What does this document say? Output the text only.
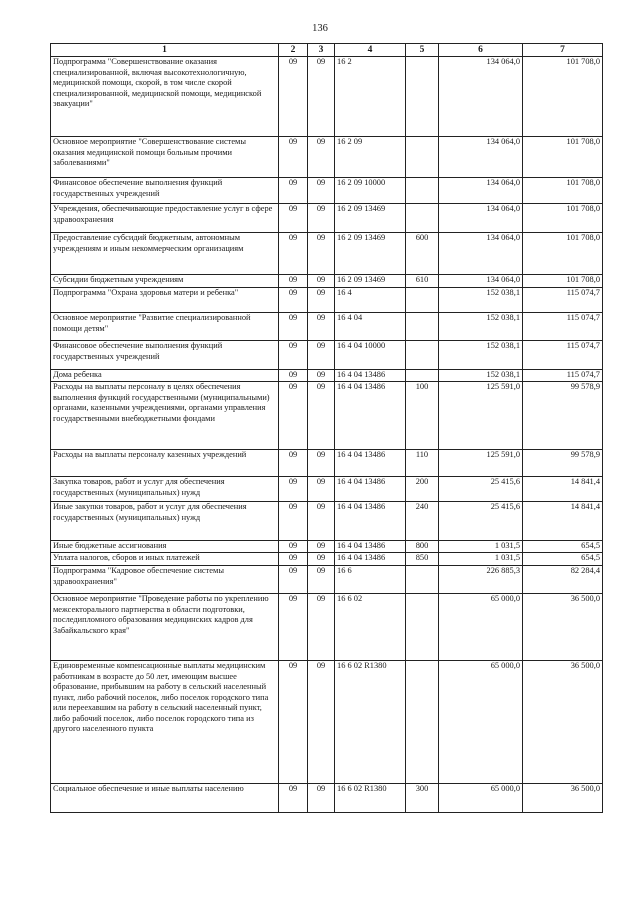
136
1	2	3	4	5	6	7
Подпрограмма "Совершенствование оказания специализированной, включая высокотехнологичную, медицинской помощи, скорой, в том числе скорой специализированной, медицинской помощи, медицинской эвакуации"	09	09	16 2		134 064,0	101 708,0
Основное мероприятие "Совершенствование системы оказания медицинской помощи больным прочими заболеваниями"	09	09	16 2 09		134 064,0	101 708,0
Финансовое обеспечение выполнения функций государственных учреждений	09	09	16 2 09 10000		134 064,0	101 708,0
Учреждения, обеспечивающие предоставление услуг в сфере здравоохранения	09	09	16 2 09 13469		134 064,0	101 708,0
Предоставление субсидий бюджетным, автономным учреждениям и иным некоммерческим организациям	09	09	16 2 09 13469	600	134 064,0	101 708,0
Субсидии бюджетным учреждениям	09	09	16 2 09 13469	610	134 064,0	101 708,0
Подпрограмма "Охрана здоровья матери и ребенка"	09	09	16 4		152 038,1	115 074,7
Основное мероприятие "Развитие специализированной помощи детям"	09	09	16 4 04		152 038,1	115 074,7
Финансовое обеспечение выполнения функций государственных учреждений	09	09	16 4 04 10000		152 038,1	115 074,7
Дома ребенка	09	09	16 4 04 13486		152 038,1	115 074,7
Расходы на выплаты персоналу в целях обеспечения выполнения функций государственными (муниципальными) органами, казенными учреждениями, органами управления государственными внебюджетными фондами	09	09	16 4 04 13486	100	125 591,0	99 578,9
Расходы на выплаты персоналу казенных учреждений	09	09	16 4 04 13486	110	125 591,0	99 578,9
Закупка товаров, работ и услуг для обеспечения государственных (муниципальных) нужд	09	09	16 4 04 13486	200	25 415,6	14 841,4
Иные закупки товаров, работ и услуг для обеспечения государственных (муниципальных) нужд	09	09	16 4 04 13486	240	25 415,6	14 841,4
Иные бюджетные ассигнования	09	09	16 4 04 13486	800	1 031,5	654,5
Уплата налогов, сборов и иных платежей	09	09	16 4 04 13486	850	1 031,5	654,5
Подпрограмма "Кадровое обеспечение системы здравоохранения"	09	09	16 6		226 885,3	82 284,4
Основное мероприятие "Проведение работы по укреплению межсекторального партнерства в области подготовки, последипломного образования медицинских кадров для Забайкальского края"	09	09	16 6 02		65 000,0	36 500,0
Единовременные компенсационные выплаты медицинским работникам в возрасте до 50 лет, имеющим высшее образование, прибывшим на работу в сельский населенный пункт, либо рабочий поселок, либо поселок городского типа или переехавшим на работу в сельский населенный пункт, либо рабочий поселок, либо поселок городского типа из другого населенного пункта	09	09	16 6 02 R1380		65 000,0	36 500,0
Социальное обеспечение и иные выплаты населению	09	09	16 6 02 R1380	300	65 000,0	36 500,0
